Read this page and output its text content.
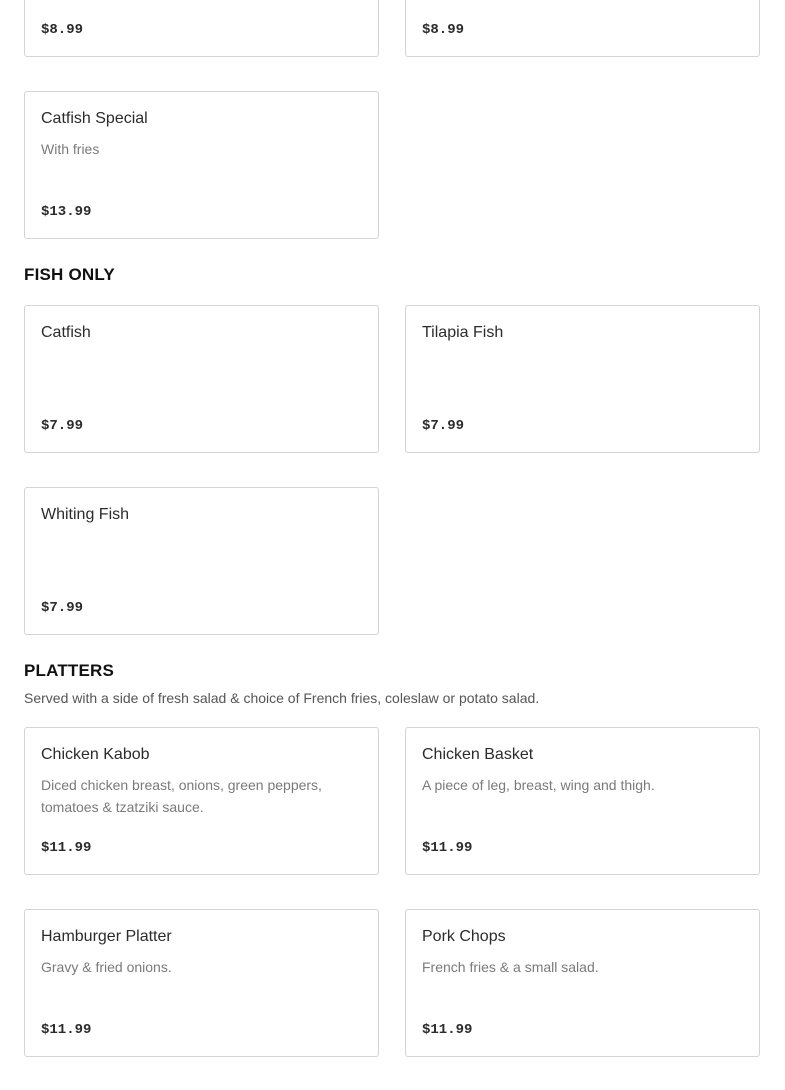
$8.99	$8.99
Catfish Special
With fries
$13.99
FISH ONLY
Catfish
$7.99
Tilapia Fish
$7.99
Whiting Fish
$7.99
PLATTERS
Served with a side of fresh salad & choice of French fries, coleslaw or potato salad.
Chicken Kabob
Diced chicken breast, onions, green peppers, tomatoes & tzatziki sauce.
$11.99
Chicken Basket
A piece of leg, breast, wing and thigh.
$11.99
Hamburger Platter
Gravy & fried onions.
$11.99
Pork Chops
French fries & a small salad.
$11.99
